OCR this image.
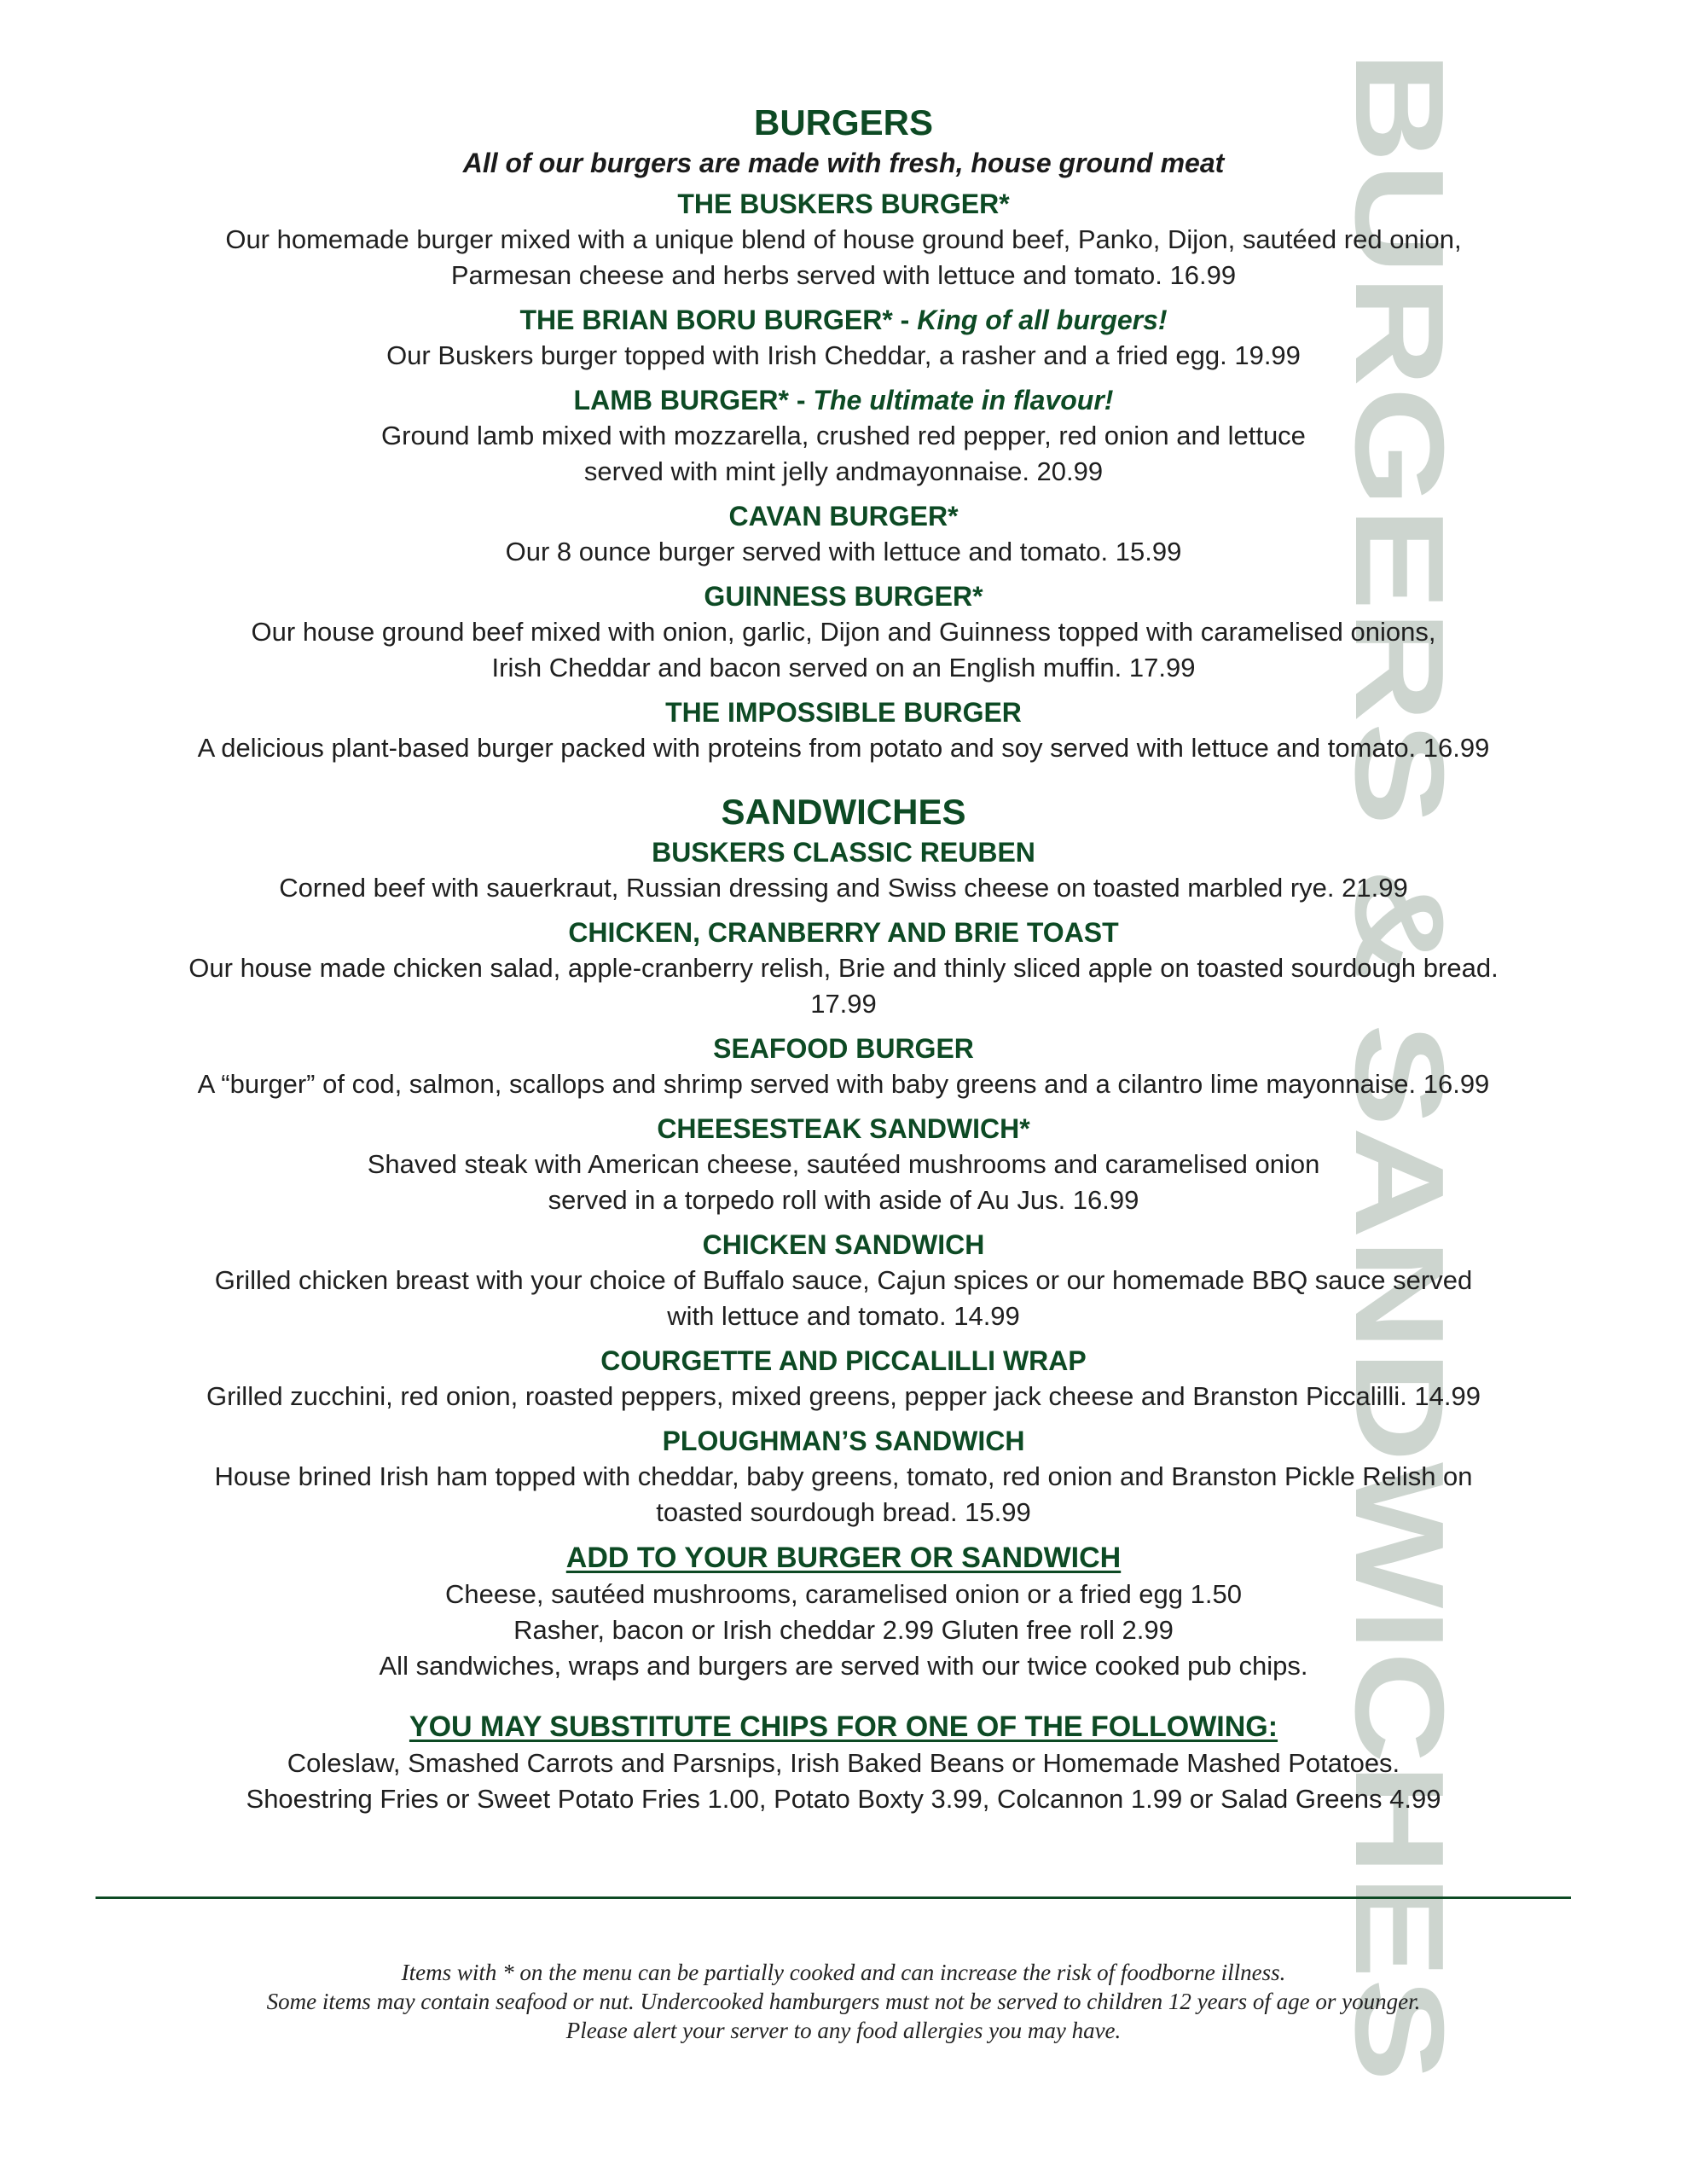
BURGERS & SANDWICHES
BURGERS

All of our burgers are made with fresh, house ground meat

THE BUSKERS BURGER*
Our homemade burger mixed with a unique blend of house ground beef, Panko, Dijon, sautéed red onion,
Parmesan cheese and herbs served with lettuce and tomato. 16.99
THE BRIAN BORU BURGER* - King of all burgers!
Our Buskers burger topped with Irish Cheddar, a rasher and a fried egg. 19.99
LAMB BURGER* - The ultimate in flavour!
Ground lamb mixed with mozzarella, crushed red pepper, red onion and lettuce
served with mint jelly andmayonnaise. 20.99
CAVAN BURGER*
Our 8 ounce burger served with lettuce and tomato. 15.99
GUINNESS BURGER*
Our house ground beef mixed with onion, garlic, Dijon and Guinness topped with caramelised onions,
Irish Cheddar and bacon served on an English muffin. 17.99
THE IMPOSSIBLE BURGER
A delicious plant-based burger packed with proteins from potato and soy served with lettuce and tomato. 16.99
SANDWICHES
BUSKERS CLASSIC REUBEN
Corned beef with sauerkraut, Russian dressing and Swiss cheese on toasted marbled rye. 21.99
CHICKEN, CRANBERRY AND BRIE TOAST
Our house made chicken salad, apple-cranberry relish, Brie and thinly sliced apple on toasted sourdough bread.
17.99
SEAFOOD BURGER
A “burger” of cod, salmon, scallops and shrimp served with baby greens and a cilantro lime mayonnaise. 16.99
CHEESESTEAK SANDWICH*
Shaved steak with American cheese, sautéed mushrooms and caramelised onion
served in a torpedo roll with aside of Au Jus. 16.99
CHICKEN SANDWICH
Grilled chicken breast with your choice of Buffalo sauce, Cajun spices or our homemade BBQ sauce served
with lettuce and tomato. 14.99
COURGETTE AND PICCALILLI WRAP
Grilled zucchini, red onion, roasted peppers, mixed greens, pepper jack cheese and Branston Piccalilli. 14.99
PLOUGHMAN’S SANDWICH
House brined Irish ham topped with cheddar, baby greens, tomato, red onion and Branston Pickle Relish on
toasted sourdough bread. 15.99
ADD TO YOUR BURGER OR SANDWICH
Cheese, sautéed mushrooms, caramelised onion or a fried egg 1.50
Rasher, bacon or Irish cheddar 2.99 Gluten free roll 2.99
All sandwiches, wraps and burgers are served with our twice cooked pub chips.
YOU MAY SUBSTITUTE CHIPS FOR ONE OF THE FOLLOWING:
Coleslaw, Smashed Carrots and Parsnips, Irish Baked Beans or Homemade Mashed Potatoes.
Shoestring Fries or Sweet Potato Fries 1.00, Potato Boxty 3.99, Colcannon 1.99 or Salad Greens 4.99
Items with * on the menu can be partially cooked and can increase the risk of foodborne illness.
Some items may contain seafood or nut. Undercooked hamburgers must not be served to children 12 years of age or younger.
Please alert your server to any food allergies you may have.
